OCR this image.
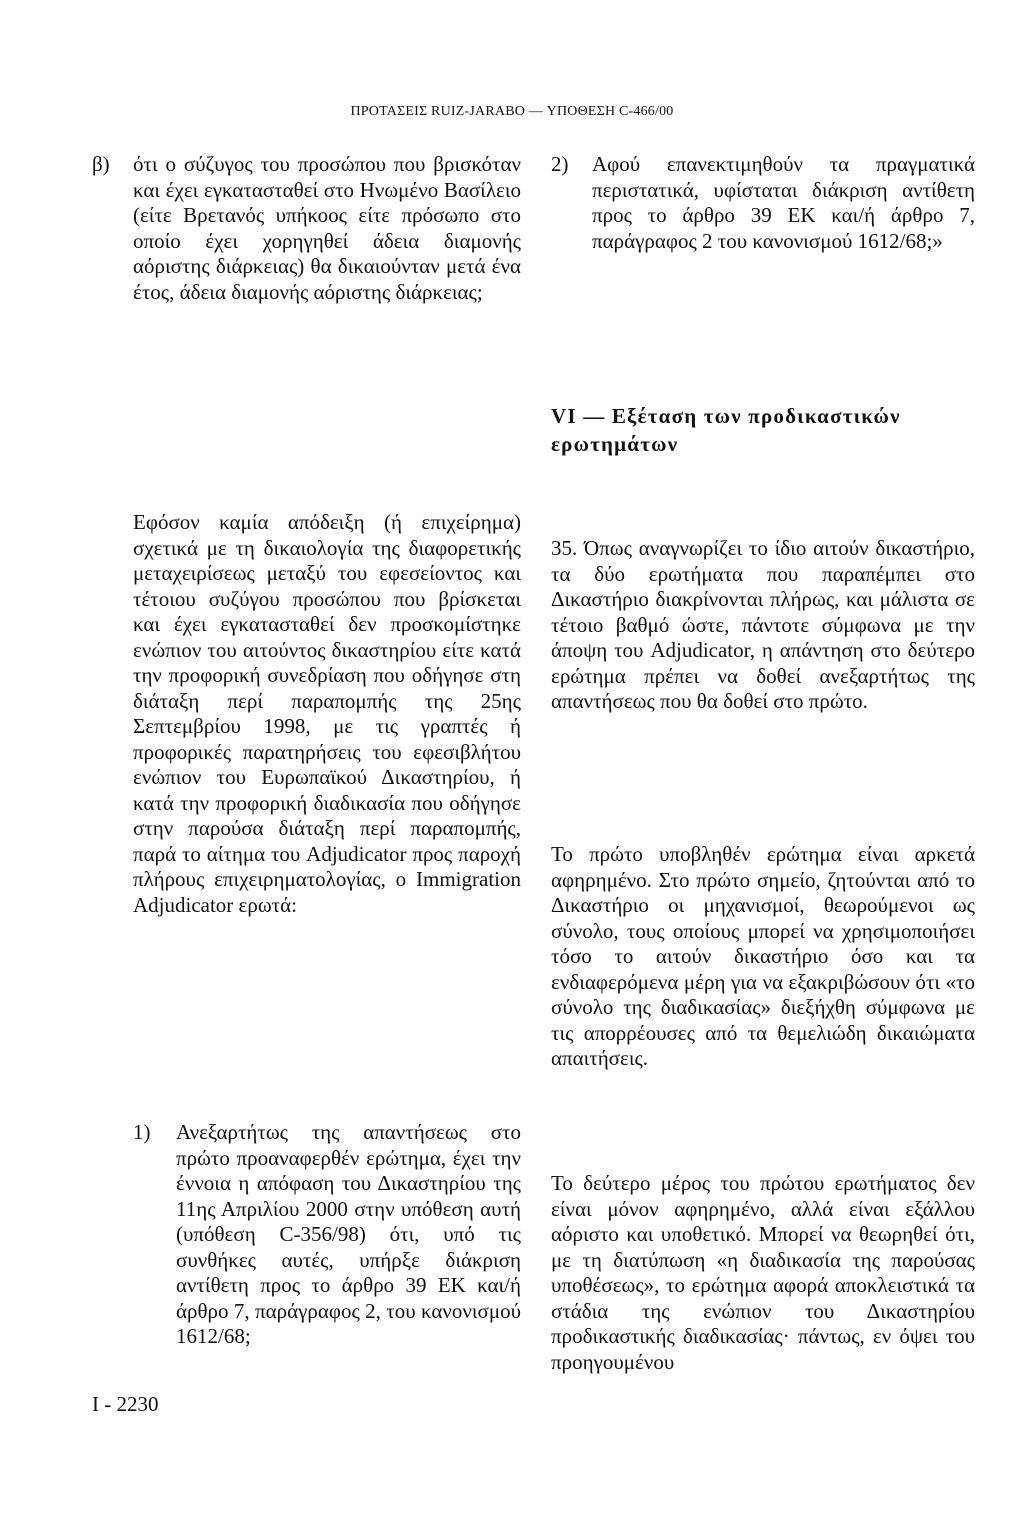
ΠΡΟΤΑΣΕΙΣ RUIZ-JARABO — ΥΠΟΘΕΣΗ C-466/00
β) ότι ο σύζυγος του προσώπου που βρισκόταν και έχει εγκατασταθεί στο Ηνωμένο Βασίλειο (είτε Βρετανός υπήκοος είτε πρόσωπο στο οποίο έχει χορηγηθεί άδεια διαμονής αόριστης διάρκειας) θα δικαιούνταν μετά ένα έτος, άδεια διαμονής αόριστης διάρκειας;
Εφόσον καμία απόδειξη (ή επιχείρημα) σχετικά με τη δικαιολογία της διαφορετικής μεταχειρίσεως μεταξύ του εφεσείοντος και τέτοιου συζύγου προσώπου που βρίσκεται και έχει εγκατασταθεί δεν προσκομίστηκε ενώπιον του αιτούντος δικαστηρίου είτε κατά την προφορική συνεδρίαση που οδήγησε στη διάταξη περί παραπομπής της 25ης Σεπτεμβρίου 1998, με τις γραπτές ή προφορικές παρατηρήσεις του εφεσιβλήτου ενώπιον του Ευρωπαϊκού Δικαστηρίου, ή κατά την προφορική διαδικασία που οδήγησε στην παρούσα διάταξη περί παραπομπής, παρά το αίτημα του Adjudicator προς παροχή πλήρους επιχειρηματολογίας, ο Immigration Adjudicator ερωτά:
1) Ανεξαρτήτως της απαντήσεως στο πρώτο προαναφερθέν ερώτημα, έχει την έννοια η απόφαση του Δικαστηρίου της 11ης Απριλίου 2000 στην υπόθεση αυτή (υπόθεση C-356/98) ότι, υπό τις συνθήκες αυτές, υπήρξε διάκριση αντίθετη προς το άρθρο 39 ΕΚ και/ή άρθρο 7, παράγραφος 2, του κανονισμού 1612/68;
I - 2230
2) Αφού επανεκτιμηθούν τα πραγματικά περιστατικά, υφίσταται διάκριση αντίθετη προς το άρθρο 39 ΕΚ και/ή άρθρο 7, παράγραφος 2 του κανονισμού 1612/68;»
VI — Εξέταση των προδικαστικών ερωτημάτων
35. Όπως αναγνωρίζει το ίδιο αιτούν δικαστήριο, τα δύο ερωτήματα που παραπέμπει στο Δικαστήριο διακρίνονται πλήρως, και μάλιστα σε τέτοιο βαθμό ώστε, πάντοτε σύμφωνα με την άποψη του Adjudicator, η απάντηση στο δεύτερο ερώτημα πρέπει να δοθεί ανεξαρτήτως της απαντήσεως που θα δοθεί στο πρώτο.
Το πρώτο υποβληθέν ερώτημα είναι αρκετά αφηρημένο. Στο πρώτο σημείο, ζητούνται από το Δικαστήριο οι μηχανισμοί, θεωρούμενοι ως σύνολο, τους οποίους μπορεί να χρησιμοποιήσει τόσο το αιτούν δικαστήριο όσο και τα ενδιαφερόμενα μέρη για να εξακριβώσουν ότι «το σύνολο της διαδικασίας» διεξήχθη σύμφωνα με τις απορρέουσες από τα θεμελιώδη δικαιώματα απαιτήσεις.
Το δεύτερο μέρος του πρώτου ερωτήματος δεν είναι μόνον αφηρημένο, αλλά είναι εξάλλου αόριστο και υποθετικό. Μπορεί να θεωρηθεί ότι, με τη διατύπωση «η διαδικασία της παρούσας υποθέσεως», το ερώτημα αφορά αποκλειστικά τα στάδια της ενώπιον του Δικαστηρίου προδικαστικής διαδικασίας· πάντως, εν όψει του προηγουμένου
